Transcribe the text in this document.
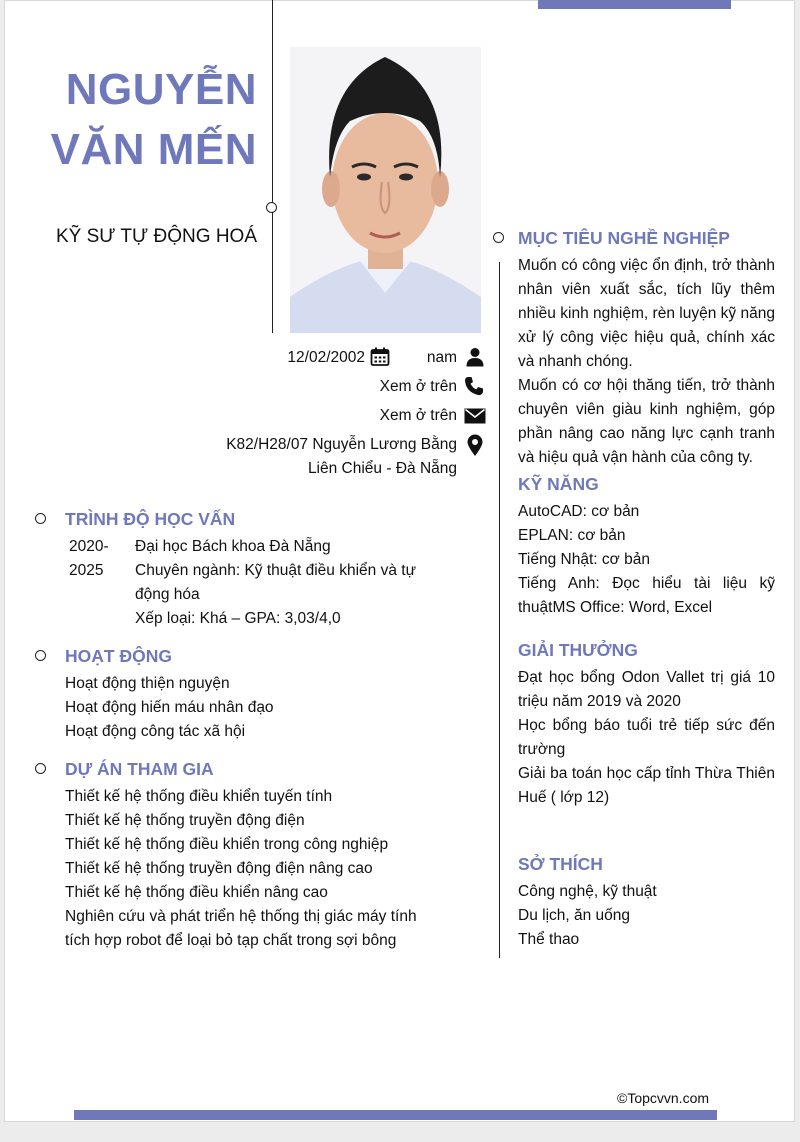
NGUYỄN
VĂN MẾN
KỸ SƯ TỰ ĐỘNG HOÁ
12/02/2002	nam
Xem ở trên
Xem ở trên
K82/H28/07 Nguyễn Lương Bằng
Liên Chiểu - Đà Nẵng
TRÌNH ĐỘ HỌC VẤN
2020-
2025
Đại học Bách khoa Đà Nẵng
Chuyên ngành: Kỹ thuật điều khiển và tự
động hóa
Xếp loại: Khá – GPA: 3,03/4,0
HOẠT ĐỘNG
Hoạt động thiện nguyện
Hoạt động hiến máu nhân đạo
Hoạt động công tác xã hội
DỰ ÁN THAM GIA
Thiết kế hệ thống điều khiển tuyến tính
Thiết kế hệ thống truyền động điện
Thiết kế hệ thống điều khiển trong công nghiệp
Thiết kế hệ thống truyền động điện nâng cao
Thiết kế hệ thống điều khiển nâng cao
Nghiên cứu và phát triển hệ thống thị giác máy tính
tích hợp robot để loại bỏ tạp chất trong sợi bông
MỤC TIÊU NGHỀ NGHIỆP
Muốn có công việc ổn định, trở thành nhân viên xuất sắc, tích lũy thêm nhiều kinh nghiệm, rèn luyện kỹ năng xử lý công việc hiệu quả, chính xác và nhanh chóng.
Muốn có cơ hội thăng tiến, trở thành chuyên viên giàu kinh nghiệm, góp phần nâng cao năng lực cạnh tranh và hiệu quả vận hành của công ty.
KỸ NĂNG
AutoCAD: cơ bản
EPLAN: cơ bản
Tiếng Nhật: cơ bản
Tiếng Anh: Đọc hiểu tài liệu kỹ thuậtMS Office: Word, Excel
GIẢI THƯỞNG
Đạt học bổng Odon Vallet trị giá 10 triệu năm 2019 và 2020
Học bổng báo tuổi trẻ tiếp sức đến trường
Giải ba toán học cấp tỉnh Thừa Thiên Huế ( lớp 12)
SỞ THÍCH
Công nghệ, kỹ thuật
Du lịch, ăn uống
Thể thao
©Topcvvn.com
